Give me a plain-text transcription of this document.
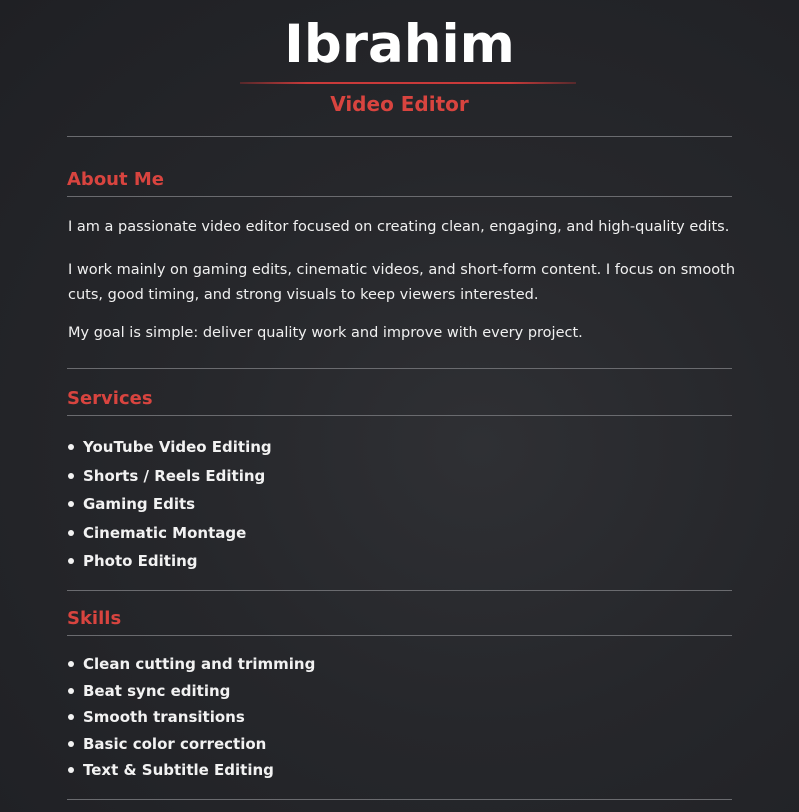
Ibrahim
Video Editor
About Me

I am a passionate video editor focused on creating clean, engaging, and high-quality edits.

I work mainly on gaming edits, cinematic videos, and short-form content. I focus on smooth cuts, good timing, and strong visuals to keep viewers interested.

My goal is simple: deliver quality work and improve with every project.

Services
YouTube Video Editing
Shorts / Reels Editing
Gaming Edits
Cinematic Montage
Photo Editing
Skills
Clean cutting and trimming
Beat sync editing
Smooth transitions
Basic color correction
Text & Subtitle Editing
